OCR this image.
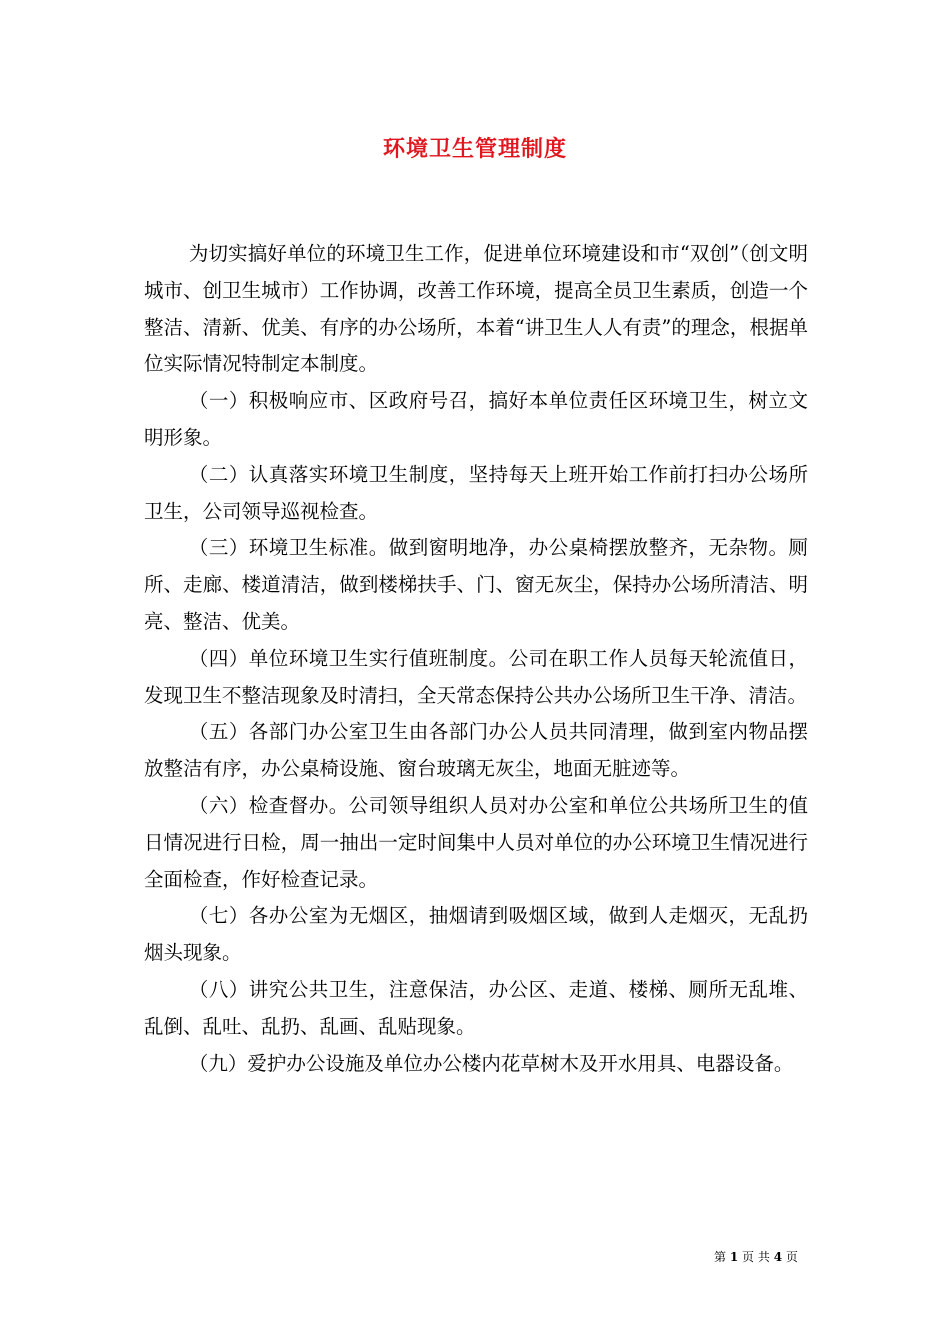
环境卫生管理制度

为切实搞好单位的环境卫生工作，促进单位环境建设和市“双创”（创文明城市、创卫生城市）工作协调，改善工作环境，提高全员卫生素质，创造一个整洁、清新、优美、有序的办公场所，本着“讲卫生人人有责”的理念，根据单位实际情况特制定本制度。

（一）积极响应市、区政府号召，搞好本单位责任区环境卫生，树立文明形象。

（二）认真落实环境卫生制度，坚持每天上班开始工作前打扫办公场所卫生，公司领导巡视检查。

（三）环境卫生标准。做到窗明地净，办公桌椅摆放整齐，无杂物。厕所、走廊、楼道清洁，做到楼梯扶手、门、窗无灰尘，保持办公场所清洁、明亮、整洁、优美。

（四）单位环境卫生实行值班制度。公司在职工作人员每天轮流值日，发现卫生不整洁现象及时清扫，全天常态保持公共办公场所卫生干净、清洁。

（五）各部门办公室卫生由各部门办公人员共同清理，做到室内物品摆放整洁有序，办公桌椅设施、窗台玻璃无灰尘，地面无脏迹等。

（六）检查督办。公司领导组织人员对办公室和单位公共场所卫生的值日情况进行日检，周一抽出一定时间集中人员对单位的办公环境卫生情况进行全面检查，作好检查记录。

（七）各办公室为无烟区，抽烟请到吸烟区域，做到人走烟灭，无乱扔烟头现象。

（八）讲究公共卫生，注意保洁，办公区、走道、楼梯、厕所无乱堆、乱倒、乱吐、乱扔、乱画、乱贴现象。

（九）爱护办公设施及单位办公楼内花草树木及开水用具、电器设备。

第 1 页 共 4 页
